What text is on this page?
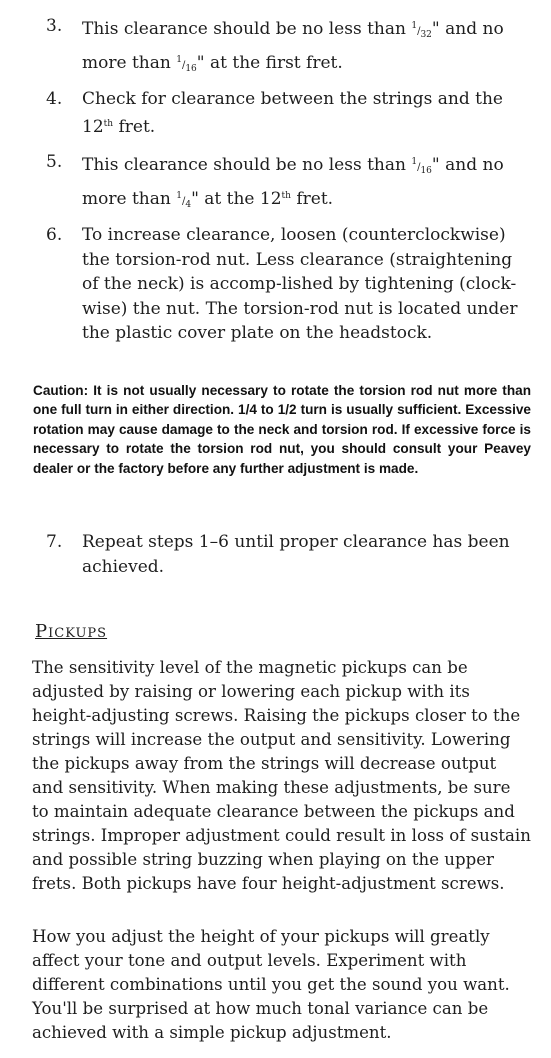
3. This clearance should be no less than 1/32" and no more than 1/16" at the first fret.
4. Check for clearance between the strings and the 12th fret.
5. This clearance should be no less than 1/16" and no more than 1/4" at the 12th fret.
6. To increase clearance, loosen (counterclockwise) the torsion-rod nut. Less clearance (straightening of the neck) is accomp-lished by tightening (clock-wise) the nut. The torsion-rod nut is located under the plastic cover plate on the headstock.
Caution: It is not usually necessary to rotate the torsion rod nut more than one full turn in either direction. 1/4 to 1/2 turn is usually sufficient. Excessive rotation may cause damage to the neck and torsion rod. If excessive force is necessary to rotate the torsion rod nut, you should consult your Peavey dealer or the factory before any further adjustment is made.
7. Repeat steps 1–6 until proper clearance has been achieved.
Pickups
The sensitivity level of the magnetic pickups can be adjusted by raising or lowering each pickup with its height-adjusting screws. Raising the pickups closer to the strings will increase the output and sensitivity. Lowering the pickups away from the strings will decrease output and sensitivity. When making these adjustments, be sure to maintain adequate clearance between the pickups and strings. Improper adjustment could result in loss of sustain and possible string buzzing when playing on the upper frets. Both pickups have four height-adjustment screws.
How you adjust the height of your pickups will greatly affect your tone and output levels. Experiment with different combinations until you get the sound you want. You'll be surprised at how much tonal variance can be achieved with a simple pickup adjustment.
